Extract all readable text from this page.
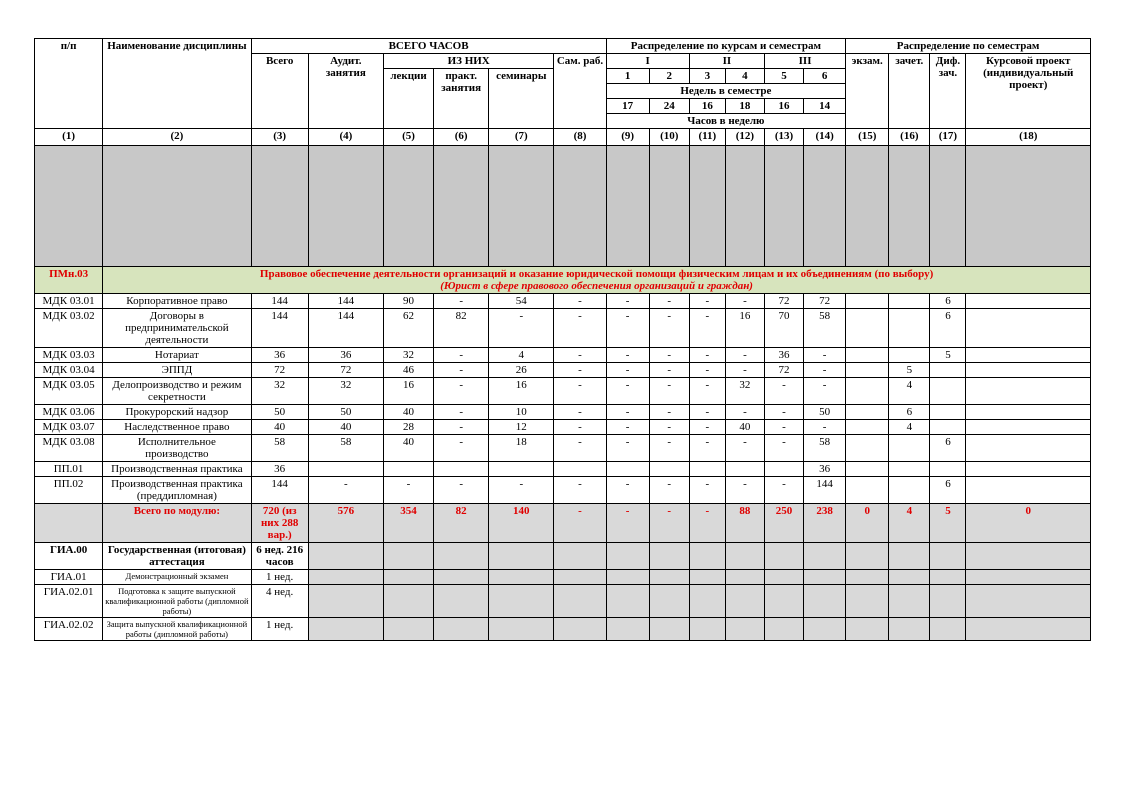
п/п	Наименование дисциплины	ВСЕГО ЧАСОВ						Распределение по курсам и семестрам						Распределение по семестрам			
		Всего	Аудит. занятия	ИЗ НИХ			Сам. раб.	I		II		III		экзам.	зачет.	Диф. зач.	Курсовой проект (индивидуальный проект)
				лекции	практ. занятия	семинары		1	2	3	4	5	6				
								Недель в семестре									
								17	24	16	18	16	14				
								Часов в неделю									
(1)	(2)	(3)	(4)	(5)	(6)	(7)	(8)	(9)	(10)	(11)	(12)	(13)	(14)	(15)	(16)	(17)	(18)

ПМн.03	Правовое обеспечение деятельности организаций и оказание юридической помощи физическим лицам и их объединениям (по выбору)
(Юрист в сфере правового обеспечения организаций и граждан)																

МДК 03.01	Корпоративное право	144	144	90	-	54	-	-	-	-	-	72	72			6	
МДК 03.02	Договоры в предпринимательской деятельности	144	144	62	82	-	-	-	-	-	16	70	58			6	
МДК 03.03	Нотариат	36	36	32	-	4	-	-	-	-	-	36	-			5	
МДК 03.04	ЭППД	72	72	46	-	26	-	-	-	-	-	72	-		5		
МДК 03.05	Делопроизводство и режим секретности	32	32	16	-	16	-	-	-	-	32	-	-		4		
МДК 03.06	Прокурорский надзор	50	50	40	-	10	-	-	-	-	-	-	50		6		
МДК 03.07	Наследственное право	40	40	28	-	12	-	-	-	-	40	-	-		4		
МДК 03.08	Исполнительное производство	58	58	40	-	18	-	-	-	-	-	-	58			6	
ПП.01	Производственная практика	36											36				
ПП.02	Производственная практика (преддипломная)	144	-	-	-	-	-	-	-	-	-	-	144			6	
	Всего по модулю:	720 (из них 288 вар.)	576	354	82	140	-	-	-	-	88	250	238	0	4	5	0
ГИА.00	Государственная (итоговая) аттестация	6 нед. 216 часов															
ГИА.01	Демонстрационный экзамен	1 нед.															
ГИА.02.01	Подготовка к защите выпускной квалификационной работы (дипломной работы)	4 нед.															
ГИА.02.02	Защита выпускной квалификационной работы (дипломной работы)	1 нед.															
